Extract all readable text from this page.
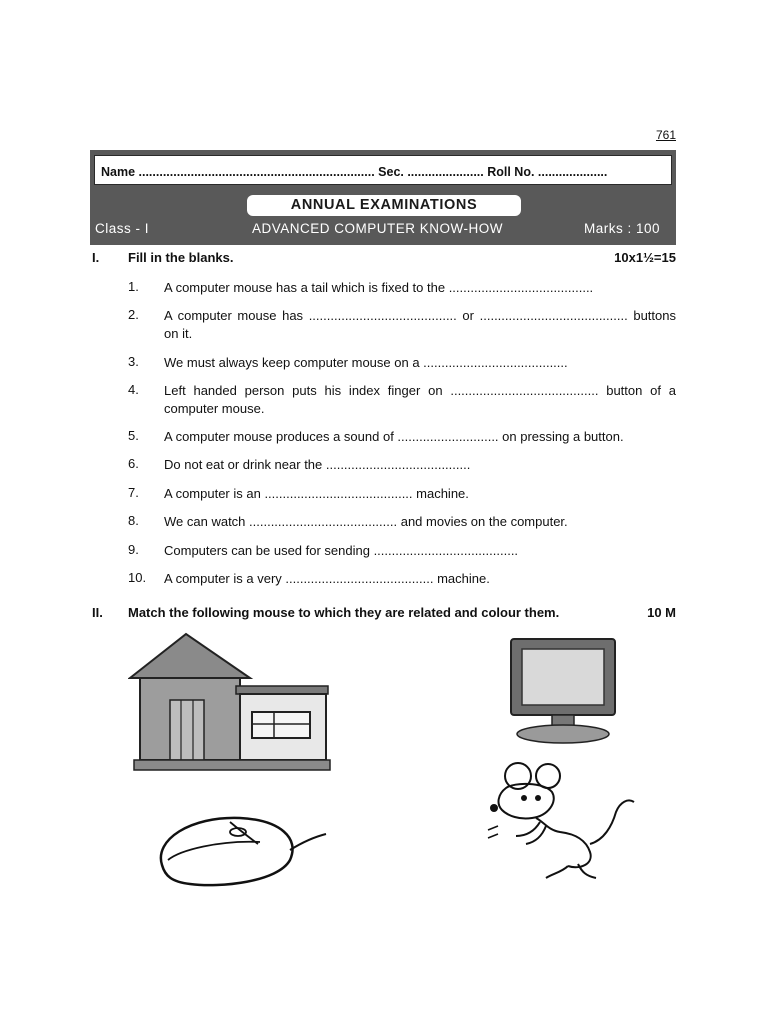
761
Name .................................................................... Sec. ...................... Roll No. ....................
ANNUAL EXAMINATIONS
Class - I	ADVANCED COMPUTER KNOW-HOW	Marks : 100
I. Fill in the blanks.	10x1½=15
1. A computer mouse has a tail which is fixed to the ........................................
2. A computer mouse has ......................................... or ......................................... buttons on it.
3. We must always keep computer mouse on a ........................................
4. Left handed person puts his index finger on ......................................... button of a computer mouse.
5. A computer mouse produces a sound of ............................ on pressing a button.
6. Do not eat or drink near the ........................................
7. A computer is an ......................................... machine.
8. We can watch ......................................... and movies on the computer.
9. Computers can be used for sending ........................................
10. A computer is a very ......................................... machine.
II. Match the following mouse to which they are related and colour them.	10 M
